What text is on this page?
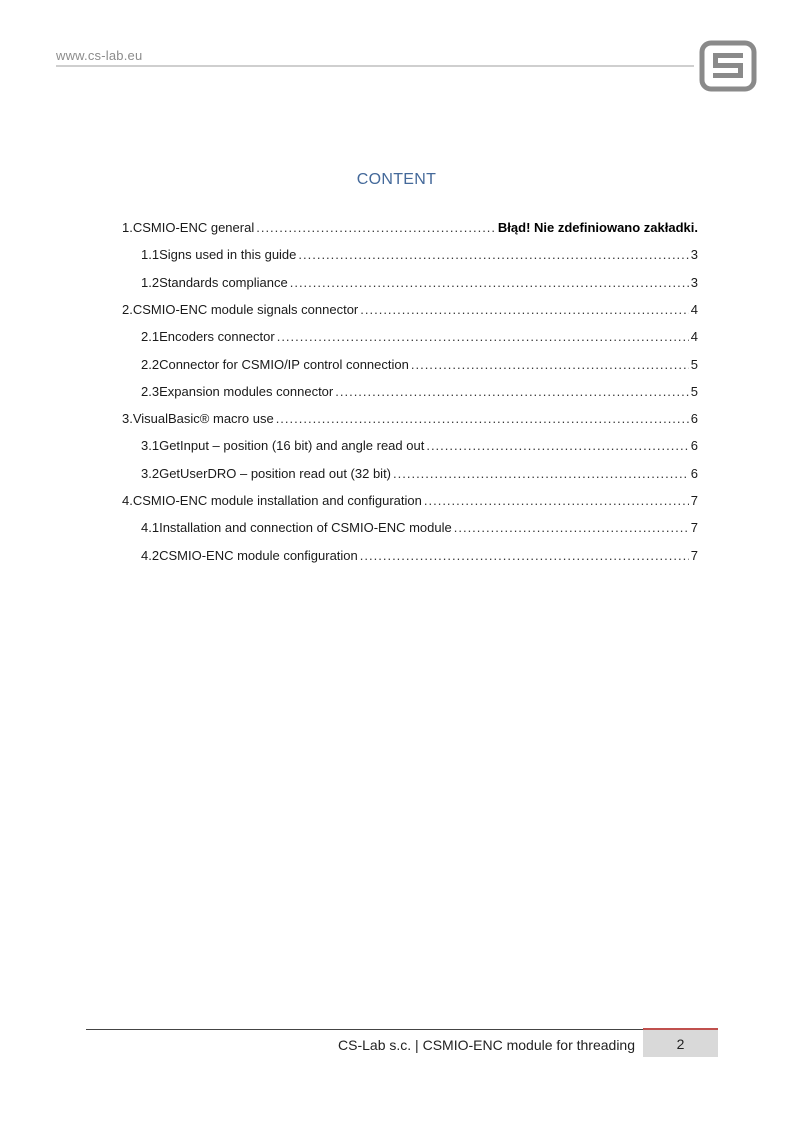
www.cs-lab.eu
CONTENT
1. CSMIO-ENC general .....	Błąd! Nie zdefiniowano zakładki.
1.1 Signs used in this guide .....	3
1.2 Standards compliance .....	3
2. CSMIO-ENC module signals connector .....	4
2.1 Encoders connector .....	4
2.2 Connector for CSMIO/IP control connection .....	5
2.3 Expansion modules connector .....	5
3. VisualBasic® macro use .....	6
3.1 GetInput – position (16 bit) and angle read out .....	6
3.2 GetUserDRO – position read out (32 bit) .....	6
4. CSMIO-ENC module installation and configuration .....	7
4.1 Installation and connection of CSMIO-ENC module .....	7
4.2 CSMIO-ENC module configuration .....	7
CS-Lab s.c. | CSMIO-ENC module for threading	2
